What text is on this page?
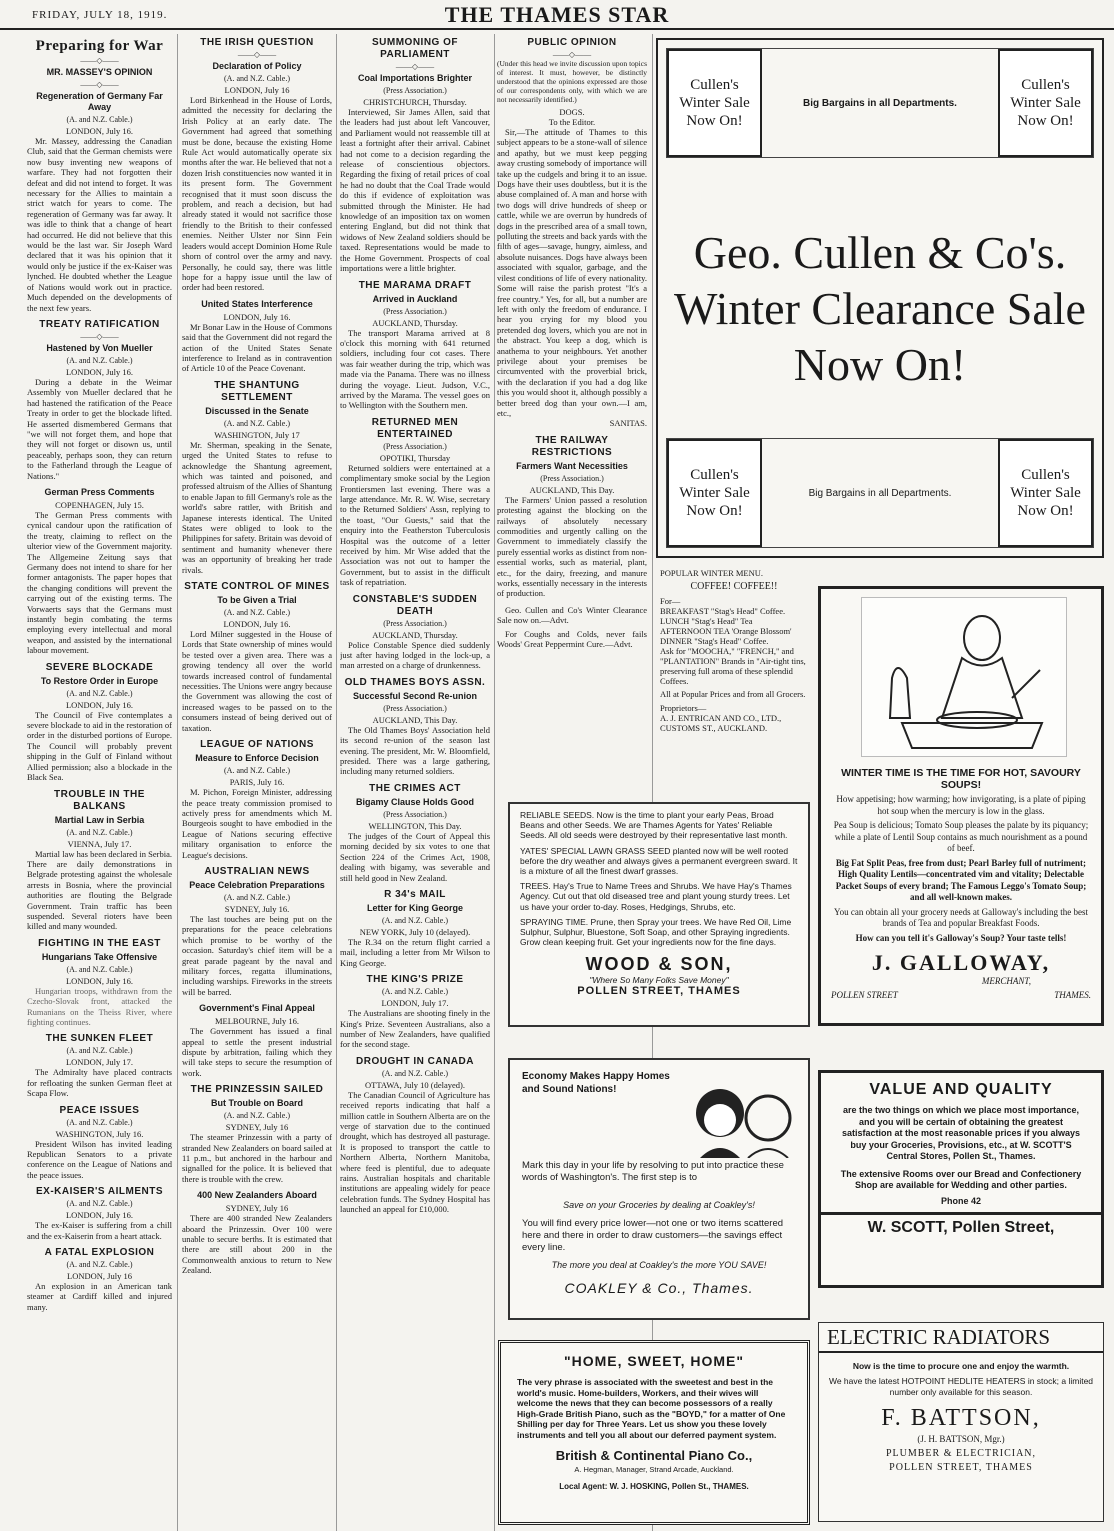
FRIDAY, JULY 18, 1919.	THE THAMES STAR
Preparing for War
——◇——
MR. MASSEY'S OPINION
——◇——
Regeneration of Germany Far Away
(A. and N.Z. Cable.)
LONDON, July 16.
Mr. Massey, addressing the Canadian Club, said that the German chemists were now busy inventing new weapons of warfare. They had not forgotten their defeat and did not intend to forget. It was necessary for the Allies to maintain a strict watch for years to come. The regeneration of Germany was far away. It was idle to think that a change of heart had occurred. He did not believe that this would be the last war. Sir Joseph Ward declared that it was his opinion that it would only be justice if the ex-Kaiser was lynched. He doubted whether the League of Nations would work out in practice. Much depended on the developments of the next few years.
TREATY RATIFICATION
——◇——
Hastened by Von Mueller
(A. and N.Z. Cable.)
LONDON, July 16.
During a debate in the Weimar Assembly von Mueller declared that he had hastened the ratification of the Peace Treaty in order to get the blockade lifted. He asserted dismembered Germans that "we will not forget them, and hope that they will not forget or disown us, until peaceably, perhaps soon, they can return to the Fatherland through the League of Nations."
German Press Comments
COPENHAGEN, July 15.
The German Press comments with cynical candour upon the ratification of the treaty, claiming to reflect on the ulterior view of the Government majority. The Allgemeine Zeitung says that Germany does not intend to share for her former antagonists. The paper hopes that the changing conditions will prevent the carrying out of the existing terms. The Vorwaerts says that the Germans must instantly begin combating the terms employing every intellectual and moral weapon, and assisted by the international labour movement.
SEVERE BLOCKADE
To Restore Order in Europe
(A. and N.Z. Cable.)
LONDON, July 16.
The Council of Five contemplates a severe blockade to aid in the restoration of order in the disturbed portions of Europe. The Council will probably prevent shipping in the Gulf of Finland without Allied permission; also a blockade in the Black Sea.
TROUBLE IN THE BALKANS
Martial Law in Serbia
(A. and N.Z. Cable.)
VIENNA, July 17.
Martial law has been declared in Serbia. There are daily demonstrations in Belgrade protesting against the wholesale arrests in Bosnia, where the provincial authorities are flouting the Belgrade Government. Train traffic has been suspended. Several rioters have been killed and many wounded.
FIGHTING IN THE EAST
Hungarians Take Offensive
(A. and N.Z. Cable.)
LONDON, July 16.
Hungarian troops, withdrawn from the Czecho-Slovak front, attacked the Rumanians on the Theiss River, where fighting continues.
THE SUNKEN FLEET
(A. and N.Z. Cable.)
LONDON, July 17.
The Admiralty have placed contracts for refloating the sunken German fleet at Scapa Flow.
PEACE ISSUES
(A. and N.Z. Cable.)
WASHINGTON, July 16.
President Wilson has invited leading Republican Senators to a private conference on the League of Nations and the peace issues.
EX-KAISER'S AILMENTS
(A. and N.Z. Cable.)
LONDON, July 16.
The ex-Kaiser is suffering from a chill and the ex-Kaiserin from a heart attack.
A FATAL EXPLOSION
(A. and N.Z. Cable.)
LONDON, July 16
An explosion in an American tank steamer at Cardiff killed and injured many.
THE IRISH QUESTION
——◇——
Declaration of Policy
(A. and N.Z. Cable.)
LONDON, July 16
Lord Birkenhead in the House of Lords, admitted the necessity for declaring the Irish Policy at an early date. The Government had agreed that something must be done, because the existing Home Rule Act would automatically operate six months after the war. He believed that not a dozen Irish constituencies now wanted it in its present form. The Government recognised that it must soon discuss the problem, and reach a decision, but had already stated it would not sacrifice those friendly to the British to their confessed enemies. Neither Ulster nor Sinn Fein leaders would accept Dominion Home Rule shorn of control over the army and navy. Personally, he could say, there was little hope for a happy issue until the law of order had been restored.
United States Interference
LONDON, July 16.
Mr Bonar Law in the House of Commons said that the Government did not regard the action of the United States Senate interference to Ireland as in contravention of Article 10 of the Peace Covenant.
THE SHANTUNG SETTLEMENT
Discussed in the Senate
(A. and N.Z. Cable.)
WASHINGTON, July 17
Mr. Sherman, speaking in the Senate, urged the United States to refuse to acknowledge the Shantung agreement, which was tainted and poisoned, and professed altruism of the Allies of Shantung to enable Japan to fill Germany's role as the world's sabre rattler, with British and Japanese interests identical. The United States were obliged to look to the Philippines for safety. Britain was devoid of sentiment and humanity whenever there was an opportunity of breaking her trade rivals.
STATE CONTROL OF MINES
To be Given a Trial
(A. and N.Z. Cable.)
LONDON, July 16.
Lord Milner suggested in the House of Lords that State ownership of mines would be tested over a given area. There was a growing tendency all over the world towards increased control of fundamental necessities. The Unions were angry because the Government was allowing the cost of increased wages to be passed on to the consumers instead of being derived out of taxation.
LEAGUE OF NATIONS
Measure to Enforce Decision
(A. and N.Z. Cable.)
PARIS, July 16.
M. Pichon, Foreign Minister, addressing the peace treaty commission promised to actively press for amendments which M. Bourgeois sought to have embodied in the League of Nations securing effective military organisation to enforce the League's decisions.
AUSTRALIAN NEWS
Peace Celebration Preparations
(A. and N.Z. Cable.)
SYDNEY, July 16.
The last touches are being put on the preparations for the peace celebrations which promise to be worthy of the occasion. Saturday's chief item will be a great parade pageant by the naval and military forces, regatta illuminations, including warships. Fireworks in the streets will be barred.
Government's Final Appeal
MELBOURNE, July 16.
The Government has issued a final appeal to settle the present industrial dispute by arbitration, failing which they will take steps to secure the resumption of work.
THE PRINZESSIN SAILED
But Trouble on Board
(A. and N.Z. Cable.)
SYDNEY, July 16
The steamer Prinzessin with a party of stranded New Zealanders on board sailed at 11 p.m., but anchored in the harbour and signalled for the police. It is believed that there is trouble with the crew.
400 New Zealanders Aboard
SYDNEY, July 16
There are 400 stranded New Zealanders aboard the Prinzessin. Over 100 were unable to secure berths. It is estimated that there are still about 200 in the Commonwealth anxious to return to New Zealand.
SUMMONING OF PARLIAMENT
——◇——
Coal Importations Brighter
(Press Association.)
CHRISTCHURCH, Thursday.
Interviewed, Sir James Allen, said that the leaders had just about left Vancouver, and Parliament would not reassemble till at least a fortnight after their arrival. Cabinet had not come to a decision regarding the release of conscientious objectors. Regarding the fixing of retail prices of coal he had no doubt that the Coal Trade would do this if evidence of exploitation was submitted through the Minister. He had knowledge of an imposition tax on women entering England, but did not think that widows of New Zealand soldiers should be taxed. Representations would be made to the Home Government. Prospects of coal importations were a little brighter.
THE MARAMA DRAFT
Arrived in Auckland
(Press Association.)
AUCKLAND, Thursday.
The transport Marama arrived at 8 o'clock this morning with 641 returned soldiers, including four cot cases. There was fair weather during the trip, which was made via the Panama. There was no illness during the voyage. Lieut. Judson, V.C., arrived by the Marama. The vessel goes on to Wellington with the Southern men.
RETURNED MEN ENTERTAINED
(Press Association.)
OPOTIKI, Thursday
Returned soldiers were entertained at a complimentary smoke social by the Legion Frontiersmen last evening. There was a large attendance. Mr. R. W. Wise, secretary to the Returned Soldiers' Assn, replying to the toast, "Our Guests," said that the enquiry into the Featherston Tuberculosis Hospital was the outcome of a letter received by him. Mr Wise added that the Association was not out to hamper the Government, but to assist in the difficult task of repatriation.
CONSTABLE'S SUDDEN DEATH
(Press Association.)
AUCKLAND, Thursday.
Police Constable Spence died suddenly just after having lodged in the lock-up, a man arrested on a charge of drunkenness.
OLD THAMES BOYS ASSN.
Successful Second Re-union
(Press Association.)
AUCKLAND, This Day.
The Old Thames Boys' Association held its second re-union of the season last evening. The president, Mr. W. Bloomfield, presided. There was a large gathering, including many returned soldiers.
THE CRIMES ACT
Bigamy Clause Holds Good
(Press Association.)
WELLINGTON, This Day.
The judges of the Court of Appeal this morning decided by six votes to one that Section 224 of the Crimes Act, 1908, dealing with bigamy, was severable and still held good in New Zealand.
R 34's MAIL
Letter for King George
(A. and N.Z. Cable.)
NEW YORK, July 10 (delayed).
The R.34 on the return flight carried a mail, including a letter from Mr Wilson to King George.
THE KING'S PRIZE
(A. and N.Z. Cable.)
LONDON, July 17.
The Australians are shooting finely in the King's Prize. Seventeen Australians, also a number of New Zealanders, have qualified for the second stage.
DROUGHT IN CANADA
(A. and N.Z. Cable.)
OTTAWA, July 10 (delayed).
The Canadian Council of Agriculture has received reports indicating that half a million cattle in Southern Alberta are on the verge of starvation due to the continued drought, which has destroyed all pasturage. It is proposed to transport the cattle to Northern Alberta, Northern Manitoba, where feed is plentiful, due to adequate rains. Australian hospitals and charitable institutions are appealing widely for peace celebration funds. The Sydney Hospital has launched an appeal for £10,000.
PUBLIC OPINION
——◇——
(Under this head we invite discussion upon topics of interest. It must, however, be distinctly understood that the opinions expressed are those of our correspondents only, with which we are not necessarily identified.)
DOGS.
To the Editor.
Sir,—The attitude of Thames to this subject appears to be a stone-wall of silence and apathy, but we must keep pegging away crusting somebody of importance will take up the cudgels and bring it to an issue. Dogs have their uses doubtless, but it is the abuse complained of. A man and horse with two dogs will drive hundreds of sheep or cattle, while we are overrun by hundreds of dogs in the prescribed area of a small town, polluting the streets and back yards with the filth of ages—savage, hungry, aimless, and absolute nuisances. Dogs have always been associated with squalor, garbage, and the vilest conditions of life of every nationality. Some will raise the parish protest "It's a free country." Yes, for all, but a number are left with only the freedom of endurance. I hear you crying for my blood you pretended dog lovers, which you are not in the abstract. You keep a dog, which is anathema to your neighbours. Yet another privilege about your premises be circumvented with the proverbial brick, with the declaration if you had a dog like this you would shoot it, although possibly a better breed dog than your own.—I am, etc.,
SANITAS.
THE RAILWAY RESTRICTIONS
Farmers Want Necessities
(Press Association.)
AUCKLAND, This Day.
The Farmers' Union passed a resolution protesting against the blocking on the railways of absolutely necessary commodities and urgently calling on the Government to immediately classify the purely essential works as distinct from non-essential works, such as material, plant, etc., for the dairy, freezing, and manure works, essentially necessary in the interests of production.
Geo. Cullen and Co's Winter Clearance Sale now on.—Advt.
For Coughs and Colds, never fails Woods' Great Peppermint Cure.—Advt.
Cullen's Winter Sale Now On!
Big Bargains in all Departments.
Cullen's Winter Sale Now On!
Geo. Cullen & Co's.
Winter Clearance Sale
Now On!
Cullen's Winter Sale Now On!
Big Bargains in all Departments.
Cullen's Winter Sale Now On!
POPULAR WINTER MENU.
COFFEE! COFFEE!!
For—
BREAKFAST "Stag's Head" Coffee.
LUNCH "Stag's Head" Tea
AFTERNOON TEA 'Orange Blossom'
DINNER "Stag's Head" Coffee.
Ask for "MOOCHA," "FRENCH," and "PLANTATION" Brands in "Air-tight tins, preserving full aroma of these splendid Coffees.
All at Popular Prices and from all Grocers.
Proprietors—
A. J. ENTRICAN AND CO., LTD., CUSTOMS ST., AUCKLAND.
WINTER TIME IS THE TIME FOR HOT, SAVOURY SOUPS!
How appetising; how warming; how invigorating, is a plate of piping hot soup when the mercury is low in the glass.
Pea Soup is delicious; Tomato Soup pleases the palate by its piquancy; while a plate of Lentil Soup contains as much nourishment as a pound of beef.
Big Fat Split Peas, free from dust; Pearl Barley full of nutriment; High Quality Lentils—concentrated vim and vitality; Delectable Packet Soups of every brand; The Famous Leggo's Tomato Soup; and all well-known makes.
You can obtain all your grocery needs at Galloway's including the best brands of Tea and popular Breakfast Foods.
How can you tell it's Galloway's Soup? Your taste tells!
J. GALLOWAY,
MERCHANT,
POLLEN STREET	THAMES.
RELIABLE SEEDS. Now is the time to plant your early Peas, Broad Beans and other Seeds. We are Thames Agents for Yates' Reliable Seeds. All old seeds were destroyed by their representative last month.
YATES' SPECIAL LAWN GRASS SEED planted now will be well rooted before the dry weather and always gives a permanent evergreen sward. It is a mixture of all the finest dwarf grasses.
TREES. Hay's True to Name Trees and Shrubs. We have Hay's Thames Agency. Cut out that old diseased tree and plant young sturdy trees. Let us have your order to-day. Roses, Hedgings, Shrubs, etc.
SPRAYING TIME. Prune, then Spray your trees. We have Red Oil, Lime Sulphur, Sulphur, Bluestone, Soft Soap, and other Spraying ingredients. Grow clean keeping fruit. Get your ingredients now for the fine days.
WOOD & SON,
"Where So Many Folks Save Money"
POLLEN STREET, THAMES
Economy Makes Happy Homes and Sound Nations!
Mark this day in your life by resolving to put into practice these words of Washington's. The first step is to
Save on your Groceries by dealing at Coakley's!
You will find every price lower—not one or two items scattered here and there in order to draw customers—the savings effect every line.
The more you deal at Coakley's the more YOU SAVE!
COAKLEY & Co., Thames.
VALUE AND QUALITY
are the two things on which we place most importance, and you will be certain of obtaining the greatest satisfaction at the most reasonable prices if you always buy your Groceries, Provisions, etc., at W. SCOTT'S Central Stores, Pollen St., Thames.
The extensive Rooms over our Bread and Confectionery Shop are available for Wedding and other parties.
Phone 42
W. SCOTT, Pollen Street,
"HOME, SWEET, HOME"
The very phrase is associated with the sweetest and best in the world's music. Home-builders, Workers, and their wives will welcome the news that they can become possessors of a really High-Grade British Piano, such as the "BOYD," for a matter of One Shilling per day for Three Years. Let us show you these lovely instruments and tell you all about our deferred payment system.
British & Continental Piano Co.,
A. Hegman, Manager, Strand Arcade, Auckland.
Local Agent: W. J. HOSKING, Pollen St., THAMES.
ELECTRIC RADIATORS
Now is the time to procure one and enjoy the warmth.
We have the latest HOTPOINT HEDLITE HEATERS in stock; a limited number only available for this season.
F. BATTSON,
(J. H. BATTSON, Mgr.)
PLUMBER & ELECTRICIAN,
POLLEN STREET, THAMES
